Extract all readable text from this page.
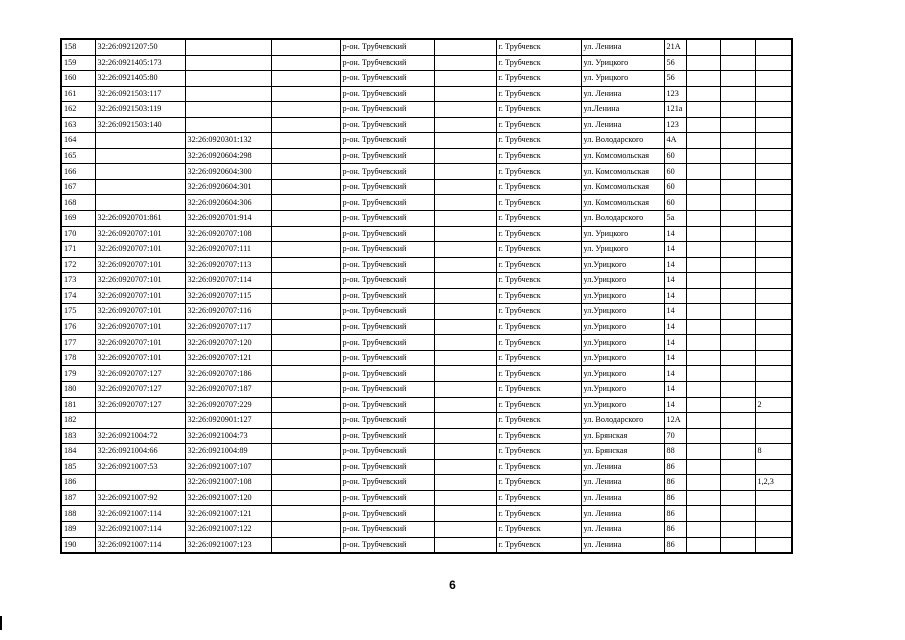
158	32:26:0921207:50			р-он. Трубчевский		г. Трубчевск	ул. Ленина	21А			
159	32:26:0921405:173			р-он. Трубчевский		г. Трубчевск	ул. Урицкого	56			
160	32:26:0921405:80			р-он. Трубчевский		г. Трубчевск	ул. Урицкого	56			
161	32:26:0921503:117			р-он. Трубчевский		г. Трубчевск	ул. Ленина	123			
162	32:26:0921503:119			р-он. Трубчевский		г. Трубчевск	ул.Ленина	121а			
163	32:26:0921503:140			р-он. Трубчевский		г. Трубчевск	ул. Ленина	123			
164		32:26:0920301:132		р-он. Трубчевский		г. Трубчевск	ул. Володарского	4А			
165		32:26:0920604:298		р-он. Трубчевский		г. Трубчевск	ул. Комсомольская	60			
166		32:26:0920604:300		р-он. Трубчевский		г. Трубчевск	ул. Комсомольская	60			
167		32:26:0920604:301		р-он. Трубчевский		г. Трубчевск	ул. Комсомольская	60			
168		32:26:0920604:306		р-он. Трубчевский		г. Трубчевск	ул. Комсомольская	60			
169	32:26:0920701:861	32:26:0920701:914		р-он. Трубчевский		г. Трубчевск	ул. Володарского	5а			
170	32:26:0920707:101	32:26:0920707:108		р-он. Трубчевский		г. Трубчевск	ул. Урицкого	14			
171	32:26:0920707:101	32:26:0920707:111		р-он. Трубчевский		г. Трубчевск	ул. Урицкого	14			
172	32:26:0920707:101	32:26:0920707:113		р-он. Трубчевский		г. Трубчевск	ул.Урицкого	14			
173	32:26:0920707:101	32:26:0920707:114		р-он. Трубчевский		г. Трубчевск	ул.Урицкого	14			
174	32:26:0920707:101	32:26:0920707:115		р-он. Трубчевский		г. Трубчевск	ул.Урицкого	14			
175	32:26:0920707:101	32:26:0920707:116		р-он. Трубчевский		г. Трубчевск	ул.Урицкого	14			
176	32:26:0920707:101	32:26:0920707:117		р-он. Трубчевский		г. Трубчевск	ул.Урицкого	14			
177	32:26:0920707:101	32:26:0920707:120		р-он. Трубчевский		г. Трубчевск	ул.Урицкого	14			
178	32:26:0920707:101	32:26:0920707:121		р-он. Трубчевский		г. Трубчевск	ул.Урицкого	14			
179	32:26:0920707:127	32:26:0920707:186		р-он. Трубчевский		г. Трубчевск	ул.Урицкого	14			
180	32:26:0920707:127	32:26:0920707:187		р-он. Трубчевский		г. Трубчевск	ул.Урицкого	14			
181	32:26:0920707:127	32:26:0920707:229		р-он. Трубчевский		г. Трубчевск	ул.Урицкого	14			2
182		32:26:0920901:127		р-он. Трубчевский		г. Трубчевск	ул. Володарского	12А			
183	32:26:0921004:72	32:26:0921004:73		р-он. Трубчевский		г. Трубчевск	ул. Брянская	70			
184	32:26:0921004:66	32:26:0921004:89		р-он. Трубчевский		г. Трубчевск	ул. Брянская	88			8
185	32:26:0921007:53	32:26:0921007:107		р-он. Трубчевский		г. Трубчевск	ул. Ленина	86			
186		32:26:0921007:108		р-он. Трубчевский		г. Трубчевск	ул. Ленина	86			1,2,3
187	32:26:0921007:92	32:26:0921007:120		р-он. Трубчевский		г. Трубчевск	ул. Ленина	86			
188	32:26:0921007:114	32:26:0921007:121		р-он. Трубчевский		г. Трубчевск	ул. Ленина	86			
189	32:26:0921007:114	32:26:0921007:122		р-он. Трубчевский		г. Трубчевск	ул. Ленина	86			
190	32:26:0921007:114	32:26:0921007:123		р-он. Трубчевский		г. Трубчевск	ул. Ленина	86			
6
